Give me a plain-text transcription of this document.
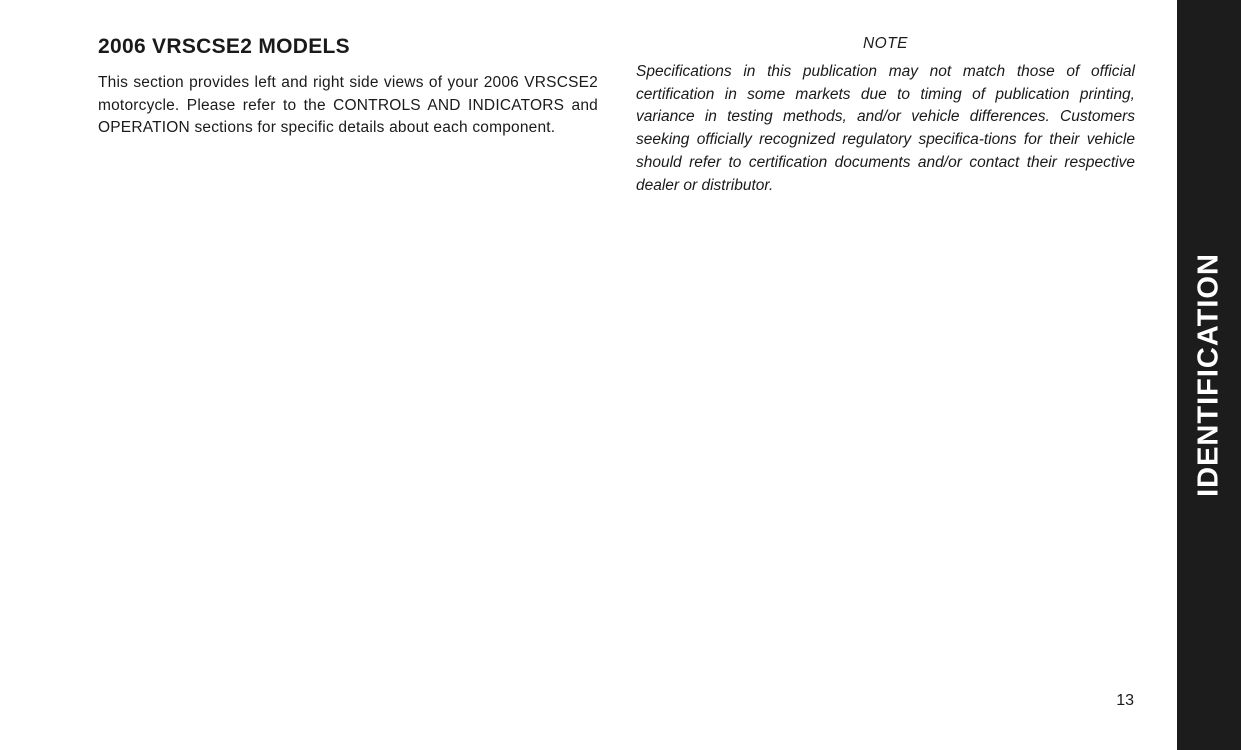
2006 VRSCSE2 MODELS

This section provides left and right side views of your 2006 VRSCSE2 motorcycle. Please refer to the CONTROLS AND INDICATORS and OPERATION sections for specific details about each component.

NOTE

Specifications in this publication may not match those of official certification in some markets due to timing of publication printing, variance in testing methods, and/or vehicle differences. Customers seeking officially recognized regulatory specifica-tions for their vehicle should refer to certification documents and/or contact their respective dealer or distributor.

13
IDENTIFICATION
